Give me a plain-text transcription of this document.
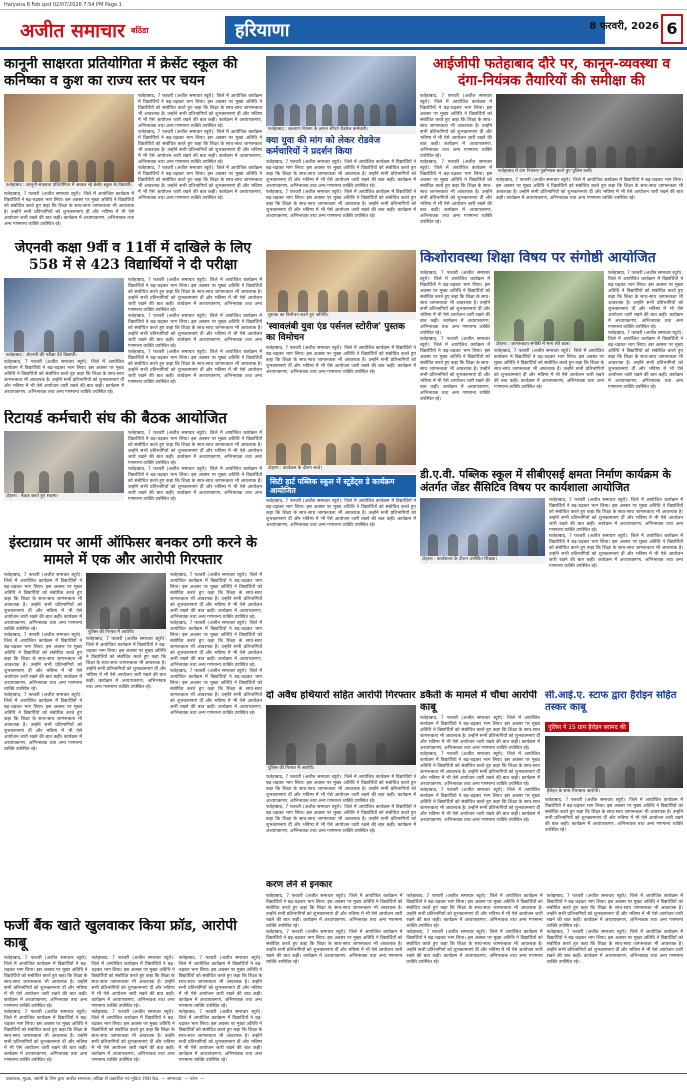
Haryana 8 Feb.qxd 02/07/2026 7:54 PM Page 1
अजीत समाचार बठिंडा	हरियाणा	8 फरवरी, 2026 6
कानूनी साक्षरता प्रतियोगिता में क्रेसेंट स्कूल की कनिष्का व कुश का राज्य स्तर पर चयन
फतेहाबाद : कानूनी साक्षरता प्रतियोगिता में अव्वल रहे क्रेसेंट स्कूल के विद्यार्थी।
फतेहाबाद, 7 फरवरी (अजीत समाचार ब्यूरो): जिले में आयोजित कार्यक्रम में विद्यार्थियों ने बढ़-चढ़कर भाग लिया। इस अवसर पर मुख्य अतिथि ने विद्यार्थियों को संबोधित करते हुए कहा कि शिक्षा के साथ-साथ जागरूकता भी आवश्यक है। उन्होंने सभी प्रतिभागियों को शुभकामनाएं दीं और भविष्य में भी ऐसे आयोजन जारी रखने की बात कही। कार्यक्रम में अध्यापकगण, अभिभावक तथा अन्य गणमान्य व्यक्ति उपस्थित रहे।
फतेहाबाद, 7 फरवरी (अजीत समाचार ब्यूरो): जिले में आयोजित कार्यक्रम में विद्यार्थियों ने बढ़-चढ़कर भाग लिया। इस अवसर पर मुख्य अतिथि ने विद्यार्थियों को संबोधित करते हुए कहा कि शिक्षा के साथ-साथ जागरूकता भी आवश्यक है। उन्होंने सभी प्रतिभागियों को शुभकामनाएं दीं और भविष्य में भी ऐसे आयोजन जारी रखने की बात कही। कार्यक्रम में अध्यापकगण, अभिभावक तथा अन्य गणमान्य व्यक्ति उपस्थित रहे।
फतेहाबाद, 7 फरवरी (अजीत समाचार ब्यूरो): जिले में आयोजित कार्यक्रम में विद्यार्थियों ने बढ़-चढ़कर भाग लिया। इस अवसर पर मुख्य अतिथि ने विद्यार्थियों को संबोधित करते हुए कहा कि शिक्षा के साथ-साथ जागरूकता भी आवश्यक है। उन्होंने सभी प्रतिभागियों को शुभकामनाएं दीं और भविष्य में भी ऐसे आयोजन जारी रखने की बात कही। कार्यक्रम में अध्यापकगण, अभिभावक तथा अन्य गणमान्य व्यक्ति उपस्थित रहे।
फतेहाबाद, 7 फरवरी (अजीत समाचार ब्यूरो): जिले में आयोजित कार्यक्रम में विद्यार्थियों ने बढ़-चढ़कर भाग लिया। इस अवसर पर मुख्य अतिथि ने विद्यार्थियों को संबोधित करते हुए कहा कि शिक्षा के साथ-साथ जागरूकता भी आवश्यक है। उन्होंने सभी प्रतिभागियों को शुभकामनाएं दीं और भविष्य में भी ऐसे आयोजन जारी रखने की बात कही। कार्यक्रम में अध्यापकगण, अभिभावक तथा अन्य गणमान्य व्यक्ति उपस्थित रहे।
फतेहाबाद : कल्याण विभाग के ज्ञापन सौंपते रोडवेज कर्मचारी।
क्या युवा की मांग को लेकर रोडवेज कर्मचारियों ने प्रदर्शन किया
फतेहाबाद, 7 फरवरी (अजीत समाचार ब्यूरो): जिले में आयोजित कार्यक्रम में विद्यार्थियों ने बढ़-चढ़कर भाग लिया। इस अवसर पर मुख्य अतिथि ने विद्यार्थियों को संबोधित करते हुए कहा कि शिक्षा के साथ-साथ जागरूकता भी आवश्यक है। उन्होंने सभी प्रतिभागियों को शुभकामनाएं दीं और भविष्य में भी ऐसे आयोजन जारी रखने की बात कही। कार्यक्रम में अध्यापकगण, अभिभावक तथा अन्य गणमान्य व्यक्ति उपस्थित रहे।
फतेहाबाद, 7 फरवरी (अजीत समाचार ब्यूरो): जिले में आयोजित कार्यक्रम में विद्यार्थियों ने बढ़-चढ़कर भाग लिया। इस अवसर पर मुख्य अतिथि ने विद्यार्थियों को संबोधित करते हुए कहा कि शिक्षा के साथ-साथ जागरूकता भी आवश्यक है। उन्होंने सभी प्रतिभागियों को शुभकामनाएं दीं और भविष्य में भी ऐसे आयोजन जारी रखने की बात कही। कार्यक्रम में अध्यापकगण, अभिभावक तथा अन्य गणमान्य व्यक्ति उपस्थित रहे।
आईजीपी फतेहाबाद दौरे पर, कानून-व्यवस्था व दंगा-नियंत्रक तैयारियों की समीक्षा की
फतेहाबाद, 7 फरवरी (अजीत समाचार ब्यूरो): जिले में आयोजित कार्यक्रम में विद्यार्थियों ने बढ़-चढ़कर भाग लिया। इस अवसर पर मुख्य अतिथि ने विद्यार्थियों को संबोधित करते हुए कहा कि शिक्षा के साथ-साथ जागरूकता भी आवश्यक है। उन्होंने सभी प्रतिभागियों को शुभकामनाएं दीं और भविष्य में भी ऐसे आयोजन जारी रखने की बात कही। कार्यक्रम में अध्यापकगण, अभिभावक तथा अन्य गणमान्य व्यक्ति उपस्थित रहे।
फतेहाबाद, 7 फरवरी (अजीत समाचार ब्यूरो): जिले में आयोजित कार्यक्रम में विद्यार्थियों ने बढ़-चढ़कर भाग लिया। इस अवसर पर मुख्य अतिथि ने विद्यार्थियों को संबोधित करते हुए कहा कि शिक्षा के साथ-साथ जागरूकता भी आवश्यक है। उन्होंने सभी प्रतिभागियों को शुभकामनाएं दीं और भविष्य में भी ऐसे आयोजन जारी रखने की बात कही। कार्यक्रम में अध्यापकगण, अभिभावक तथा अन्य गणमान्य व्यक्ति उपस्थित रहे।
फतेहाबाद में दंगा नियंत्रण पूर्वाभ्यास करते हुए पुलिस कर्मी।
फतेहाबाद, 7 फरवरी (अजीत समाचार ब्यूरो): जिले में आयोजित कार्यक्रम में विद्यार्थियों ने बढ़-चढ़कर भाग लिया। इस अवसर पर मुख्य अतिथि ने विद्यार्थियों को संबोधित करते हुए कहा कि शिक्षा के साथ-साथ जागरूकता भी आवश्यक है। उन्होंने सभी प्रतिभागियों को शुभकामनाएं दीं और भविष्य में भी ऐसे आयोजन जारी रखने की बात कही। कार्यक्रम में अध्यापकगण, अभिभावक तथा अन्य गणमान्य व्यक्ति उपस्थित रहे।
जेएनवी कक्षा 9वीं व 11वीं में दाखिले के लिए 558 में से 423 विद्यार्थियों ने दी परीक्षा
फतेहाबाद : जेएनवी की परीक्षा देते विद्यार्थी।
फतेहाबाद, 7 फरवरी (अजीत समाचार ब्यूरो): जिले में आयोजित कार्यक्रम में विद्यार्थियों ने बढ़-चढ़कर भाग लिया। इस अवसर पर मुख्य अतिथि ने विद्यार्थियों को संबोधित करते हुए कहा कि शिक्षा के साथ-साथ जागरूकता भी आवश्यक है। उन्होंने सभी प्रतिभागियों को शुभकामनाएं दीं और भविष्य में भी ऐसे आयोजन जारी रखने की बात कही। कार्यक्रम में अध्यापकगण, अभिभावक तथा अन्य गणमान्य व्यक्ति उपस्थित रहे।
फतेहाबाद, 7 फरवरी (अजीत समाचार ब्यूरो): जिले में आयोजित कार्यक्रम में विद्यार्थियों ने बढ़-चढ़कर भाग लिया। इस अवसर पर मुख्य अतिथि ने विद्यार्थियों को संबोधित करते हुए कहा कि शिक्षा के साथ-साथ जागरूकता भी आवश्यक है। उन्होंने सभी प्रतिभागियों को शुभकामनाएं दीं और भविष्य में भी ऐसे आयोजन जारी रखने की बात कही। कार्यक्रम में अध्यापकगण, अभिभावक तथा अन्य गणमान्य व्यक्ति उपस्थित रहे।
फतेहाबाद, 7 फरवरी (अजीत समाचार ब्यूरो): जिले में आयोजित कार्यक्रम में विद्यार्थियों ने बढ़-चढ़कर भाग लिया। इस अवसर पर मुख्य अतिथि ने विद्यार्थियों को संबोधित करते हुए कहा कि शिक्षा के साथ-साथ जागरूकता भी आवश्यक है। उन्होंने सभी प्रतिभागियों को शुभकामनाएं दीं और भविष्य में भी ऐसे आयोजन जारी रखने की बात कही। कार्यक्रम में अध्यापकगण, अभिभावक तथा अन्य गणमान्य व्यक्ति उपस्थित रहे।
फतेहाबाद, 7 फरवरी (अजीत समाचार ब्यूरो): जिले में आयोजित कार्यक्रम में विद्यार्थियों ने बढ़-चढ़कर भाग लिया। इस अवसर पर मुख्य अतिथि ने विद्यार्थियों को संबोधित करते हुए कहा कि शिक्षा के साथ-साथ जागरूकता भी आवश्यक है। उन्होंने सभी प्रतिभागियों को शुभकामनाएं दीं और भविष्य में भी ऐसे आयोजन जारी रखने की बात कही। कार्यक्रम में अध्यापकगण, अभिभावक तथा अन्य गणमान्य व्यक्ति उपस्थित रहे।
पुस्तक का विमोचन करते हुए अतिथि।
'स्वावलंबी युवा एंड पर्सनल स्टोरीज' पुस्तक का विमोचन
फतेहाबाद, 7 फरवरी (अजीत समाचार ब्यूरो): जिले में आयोजित कार्यक्रम में विद्यार्थियों ने बढ़-चढ़कर भाग लिया। इस अवसर पर मुख्य अतिथि ने विद्यार्थियों को संबोधित करते हुए कहा कि शिक्षा के साथ-साथ जागरूकता भी आवश्यक है। उन्होंने सभी प्रतिभागियों को शुभकामनाएं दीं और भविष्य में भी ऐसे आयोजन जारी रखने की बात कही। कार्यक्रम में अध्यापकगण, अभिभावक तथा अन्य गणमान्य व्यक्ति उपस्थित रहे।
किशोरावस्था शिक्षा विषय पर संगोष्ठी आयोजित
फतेहाबाद, 7 फरवरी (अजीत समाचार ब्यूरो): जिले में आयोजित कार्यक्रम में विद्यार्थियों ने बढ़-चढ़कर भाग लिया। इस अवसर पर मुख्य अतिथि ने विद्यार्थियों को संबोधित करते हुए कहा कि शिक्षा के साथ-साथ जागरूकता भी आवश्यक है। उन्होंने सभी प्रतिभागियों को शुभकामनाएं दीं और भविष्य में भी ऐसे आयोजन जारी रखने की बात कही। कार्यक्रम में अध्यापकगण, अभिभावक तथा अन्य गणमान्य व्यक्ति उपस्थित रहे।
फतेहाबाद, 7 फरवरी (अजीत समाचार ब्यूरो): जिले में आयोजित कार्यक्रम में विद्यार्थियों ने बढ़-चढ़कर भाग लिया। इस अवसर पर मुख्य अतिथि ने विद्यार्थियों को संबोधित करते हुए कहा कि शिक्षा के साथ-साथ जागरूकता भी आवश्यक है। उन्होंने सभी प्रतिभागियों को शुभकामनाएं दीं और भविष्य में भी ऐसे आयोजन जारी रखने की बात कही। कार्यक्रम में अध्यापकगण, अभिभावक तथा अन्य गणमान्य व्यक्ति उपस्थित रहे।
टोहाना : जागरूकता संगोष्ठी में भाग लेते छात्र।
फतेहाबाद, 7 फरवरी (अजीत समाचार ब्यूरो): जिले में आयोजित कार्यक्रम में विद्यार्थियों ने बढ़-चढ़कर भाग लिया। इस अवसर पर मुख्य अतिथि ने विद्यार्थियों को संबोधित करते हुए कहा कि शिक्षा के साथ-साथ जागरूकता भी आवश्यक है। उन्होंने सभी प्रतिभागियों को शुभकामनाएं दीं और भविष्य में भी ऐसे आयोजन जारी रखने की बात कही। कार्यक्रम में अध्यापकगण, अभिभावक तथा अन्य गणमान्य व्यक्ति उपस्थित रहे।
फतेहाबाद, 7 फरवरी (अजीत समाचार ब्यूरो): जिले में आयोजित कार्यक्रम में विद्यार्थियों ने बढ़-चढ़कर भाग लिया। इस अवसर पर मुख्य अतिथि ने विद्यार्थियों को संबोधित करते हुए कहा कि शिक्षा के साथ-साथ जागरूकता भी आवश्यक है। उन्होंने सभी प्रतिभागियों को शुभकामनाएं दीं और भविष्य में भी ऐसे आयोजन जारी रखने की बात कही। कार्यक्रम में अध्यापकगण, अभिभावक तथा अन्य गणमान्य व्यक्ति उपस्थित रहे।
फतेहाबाद, 7 फरवरी (अजीत समाचार ब्यूरो): जिले में आयोजित कार्यक्रम में विद्यार्थियों ने बढ़-चढ़कर भाग लिया। इस अवसर पर मुख्य अतिथि ने विद्यार्थियों को संबोधित करते हुए कहा कि शिक्षा के साथ-साथ जागरूकता भी आवश्यक है। उन्होंने सभी प्रतिभागियों को शुभकामनाएं दीं और भविष्य में भी ऐसे आयोजन जारी रखने की बात कही। कार्यक्रम में अध्यापकगण, अभिभावक तथा अन्य गणमान्य व्यक्ति उपस्थित रहे।
रिटायर्ड कर्मचारी संघ की बैठक आयोजित
टोहाना : बैठक करते हुए सदस्य।
फतेहाबाद, 7 फरवरी (अजीत समाचार ब्यूरो): जिले में आयोजित कार्यक्रम में विद्यार्थियों ने बढ़-चढ़कर भाग लिया। इस अवसर पर मुख्य अतिथि ने विद्यार्थियों को संबोधित करते हुए कहा कि शिक्षा के साथ-साथ जागरूकता भी आवश्यक है। उन्होंने सभी प्रतिभागियों को शुभकामनाएं दीं और भविष्य में भी ऐसे आयोजन जारी रखने की बात कही। कार्यक्रम में अध्यापकगण, अभिभावक तथा अन्य गणमान्य व्यक्ति उपस्थित रहे।
फतेहाबाद, 7 फरवरी (अजीत समाचार ब्यूरो): जिले में आयोजित कार्यक्रम में विद्यार्थियों ने बढ़-चढ़कर भाग लिया। इस अवसर पर मुख्य अतिथि ने विद्यार्थियों को संबोधित करते हुए कहा कि शिक्षा के साथ-साथ जागरूकता भी आवश्यक है। उन्होंने सभी प्रतिभागियों को शुभकामनाएं दीं और भविष्य में भी ऐसे आयोजन जारी रखने की बात कही। कार्यक्रम में अध्यापकगण, अभिभावक तथा अन्य गणमान्य व्यक्ति उपस्थित रहे।
टोहाना : कार्यक्रम के दौरान बच्चे।
सिटी हार्ट पब्लिक स्कूल में स्टूडेंट्स डे कार्यक्रम आयोजित
फतेहाबाद, 7 फरवरी (अजीत समाचार ब्यूरो): जिले में आयोजित कार्यक्रम में विद्यार्थियों ने बढ़-चढ़कर भाग लिया। इस अवसर पर मुख्य अतिथि ने विद्यार्थियों को संबोधित करते हुए कहा कि शिक्षा के साथ-साथ जागरूकता भी आवश्यक है। उन्होंने सभी प्रतिभागियों को शुभकामनाएं दीं और भविष्य में भी ऐसे आयोजन जारी रखने की बात कही। कार्यक्रम में अध्यापकगण, अभिभावक तथा अन्य गणमान्य व्यक्ति उपस्थित रहे।
डी.ए.वी. पब्लिक स्कूल में सीबीएसई क्षमता निर्माण कार्यक्रम के अंतर्गत जेंडर सैंसिटिव विषय पर कार्यशाला आयोजित
टोहाना : कार्यशाला के दौरान उपस्थित शिक्षक।
फतेहाबाद, 7 फरवरी (अजीत समाचार ब्यूरो): जिले में आयोजित कार्यक्रम में विद्यार्थियों ने बढ़-चढ़कर भाग लिया। इस अवसर पर मुख्य अतिथि ने विद्यार्थियों को संबोधित करते हुए कहा कि शिक्षा के साथ-साथ जागरूकता भी आवश्यक है। उन्होंने सभी प्रतिभागियों को शुभकामनाएं दीं और भविष्य में भी ऐसे आयोजन जारी रखने की बात कही। कार्यक्रम में अध्यापकगण, अभिभावक तथा अन्य गणमान्य व्यक्ति उपस्थित रहे।
फतेहाबाद, 7 फरवरी (अजीत समाचार ब्यूरो): जिले में आयोजित कार्यक्रम में विद्यार्थियों ने बढ़-चढ़कर भाग लिया। इस अवसर पर मुख्य अतिथि ने विद्यार्थियों को संबोधित करते हुए कहा कि शिक्षा के साथ-साथ जागरूकता भी आवश्यक है। उन्होंने सभी प्रतिभागियों को शुभकामनाएं दीं और भविष्य में भी ऐसे आयोजन जारी रखने की बात कही। कार्यक्रम में अध्यापकगण, अभिभावक तथा अन्य गणमान्य व्यक्ति उपस्थित रहे।
इंस्टाग्राम पर आर्मी ऑफिसर बनकर ठगी करने के मामले में एक और आरोपी गिरफ्तार
फतेहाबाद, 7 फरवरी (अजीत समाचार ब्यूरो): जिले में आयोजित कार्यक्रम में विद्यार्थियों ने बढ़-चढ़कर भाग लिया। इस अवसर पर मुख्य अतिथि ने विद्यार्थियों को संबोधित करते हुए कहा कि शिक्षा के साथ-साथ जागरूकता भी आवश्यक है। उन्होंने सभी प्रतिभागियों को शुभकामनाएं दीं और भविष्य में भी ऐसे आयोजन जारी रखने की बात कही। कार्यक्रम में अध्यापकगण, अभिभावक तथा अन्य गणमान्य व्यक्ति उपस्थित रहे।
फतेहाबाद, 7 फरवरी (अजीत समाचार ब्यूरो): जिले में आयोजित कार्यक्रम में विद्यार्थियों ने बढ़-चढ़कर भाग लिया। इस अवसर पर मुख्य अतिथि ने विद्यार्थियों को संबोधित करते हुए कहा कि शिक्षा के साथ-साथ जागरूकता भी आवश्यक है। उन्होंने सभी प्रतिभागियों को शुभकामनाएं दीं और भविष्य में भी ऐसे आयोजन जारी रखने की बात कही। कार्यक्रम में अध्यापकगण, अभिभावक तथा अन्य गणमान्य व्यक्ति उपस्थित रहे।
फतेहाबाद, 7 फरवरी (अजीत समाचार ब्यूरो): जिले में आयोजित कार्यक्रम में विद्यार्थियों ने बढ़-चढ़कर भाग लिया। इस अवसर पर मुख्य अतिथि ने विद्यार्थियों को संबोधित करते हुए कहा कि शिक्षा के साथ-साथ जागरूकता भी आवश्यक है। उन्होंने सभी प्रतिभागियों को शुभकामनाएं दीं और भविष्य में भी ऐसे आयोजन जारी रखने की बात कही। कार्यक्रम में अध्यापकगण, अभिभावक तथा अन्य गणमान्य व्यक्ति उपस्थित रहे।
पुलिस की गिरफ्त में आरोपी।
फतेहाबाद, 7 फरवरी (अजीत समाचार ब्यूरो): जिले में आयोजित कार्यक्रम में विद्यार्थियों ने बढ़-चढ़कर भाग लिया। इस अवसर पर मुख्य अतिथि ने विद्यार्थियों को संबोधित करते हुए कहा कि शिक्षा के साथ-साथ जागरूकता भी आवश्यक है। उन्होंने सभी प्रतिभागियों को शुभकामनाएं दीं और भविष्य में भी ऐसे आयोजन जारी रखने की बात कही। कार्यक्रम में अध्यापकगण, अभिभावक तथा अन्य गणमान्य व्यक्ति उपस्थित रहे।
फतेहाबाद, 7 फरवरी (अजीत समाचार ब्यूरो): जिले में आयोजित कार्यक्रम में विद्यार्थियों ने बढ़-चढ़कर भाग लिया। इस अवसर पर मुख्य अतिथि ने विद्यार्थियों को संबोधित करते हुए कहा कि शिक्षा के साथ-साथ जागरूकता भी आवश्यक है। उन्होंने सभी प्रतिभागियों को शुभकामनाएं दीं और भविष्य में भी ऐसे आयोजन जारी रखने की बात कही। कार्यक्रम में अध्यापकगण, अभिभावक तथा अन्य गणमान्य व्यक्ति उपस्थित रहे।
फतेहाबाद, 7 फरवरी (अजीत समाचार ब्यूरो): जिले में आयोजित कार्यक्रम में विद्यार्थियों ने बढ़-चढ़कर भाग लिया। इस अवसर पर मुख्य अतिथि ने विद्यार्थियों को संबोधित करते हुए कहा कि शिक्षा के साथ-साथ जागरूकता भी आवश्यक है। उन्होंने सभी प्रतिभागियों को शुभकामनाएं दीं और भविष्य में भी ऐसे आयोजन जारी रखने की बात कही। कार्यक्रम में अध्यापकगण, अभिभावक तथा अन्य गणमान्य व्यक्ति उपस्थित रहे।
फतेहाबाद, 7 फरवरी (अजीत समाचार ब्यूरो): जिले में आयोजित कार्यक्रम में विद्यार्थियों ने बढ़-चढ़कर भाग लिया। इस अवसर पर मुख्य अतिथि ने विद्यार्थियों को संबोधित करते हुए कहा कि शिक्षा के साथ-साथ जागरूकता भी आवश्यक है। उन्होंने सभी प्रतिभागियों को शुभकामनाएं दीं और भविष्य में भी ऐसे आयोजन जारी रखने की बात कही। कार्यक्रम में अध्यापकगण, अभिभावक तथा अन्य गणमान्य व्यक्ति उपस्थित रहे।
दो अवैध हथियारों सहित आरोपी गिरफ्तार
पुलिस की गिरफ्त में आरोपी।
फतेहाबाद, 7 फरवरी (अजीत समाचार ब्यूरो): जिले में आयोजित कार्यक्रम में विद्यार्थियों ने बढ़-चढ़कर भाग लिया। इस अवसर पर मुख्य अतिथि ने विद्यार्थियों को संबोधित करते हुए कहा कि शिक्षा के साथ-साथ जागरूकता भी आवश्यक है। उन्होंने सभी प्रतिभागियों को शुभकामनाएं दीं और भविष्य में भी ऐसे आयोजन जारी रखने की बात कही। कार्यक्रम में अध्यापकगण, अभिभावक तथा अन्य गणमान्य व्यक्ति उपस्थित रहे।
फतेहाबाद, 7 फरवरी (अजीत समाचार ब्यूरो): जिले में आयोजित कार्यक्रम में विद्यार्थियों ने बढ़-चढ़कर भाग लिया। इस अवसर पर मुख्य अतिथि ने विद्यार्थियों को संबोधित करते हुए कहा कि शिक्षा के साथ-साथ जागरूकता भी आवश्यक है। उन्होंने सभी प्रतिभागियों को शुभकामनाएं दीं और भविष्य में भी ऐसे आयोजन जारी रखने की बात कही। कार्यक्रम में अध्यापकगण, अभिभावक तथा अन्य गणमान्य व्यक्ति उपस्थित रहे।
डकैती के मामले में चौथा आरोपी काबू
फतेहाबाद, 7 फरवरी (अजीत समाचार ब्यूरो): जिले में आयोजित कार्यक्रम में विद्यार्थियों ने बढ़-चढ़कर भाग लिया। इस अवसर पर मुख्य अतिथि ने विद्यार्थियों को संबोधित करते हुए कहा कि शिक्षा के साथ-साथ जागरूकता भी आवश्यक है। उन्होंने सभी प्रतिभागियों को शुभकामनाएं दीं और भविष्य में भी ऐसे आयोजन जारी रखने की बात कही। कार्यक्रम में अध्यापकगण, अभिभावक तथा अन्य गणमान्य व्यक्ति उपस्थित रहे।
फतेहाबाद, 7 फरवरी (अजीत समाचार ब्यूरो): जिले में आयोजित कार्यक्रम में विद्यार्थियों ने बढ़-चढ़कर भाग लिया। इस अवसर पर मुख्य अतिथि ने विद्यार्थियों को संबोधित करते हुए कहा कि शिक्षा के साथ-साथ जागरूकता भी आवश्यक है। उन्होंने सभी प्रतिभागियों को शुभकामनाएं दीं और भविष्य में भी ऐसे आयोजन जारी रखने की बात कही। कार्यक्रम में अध्यापकगण, अभिभावक तथा अन्य गणमान्य व्यक्ति उपस्थित रहे।
फतेहाबाद, 7 फरवरी (अजीत समाचार ब्यूरो): जिले में आयोजित कार्यक्रम में विद्यार्थियों ने बढ़-चढ़कर भाग लिया। इस अवसर पर मुख्य अतिथि ने विद्यार्थियों को संबोधित करते हुए कहा कि शिक्षा के साथ-साथ जागरूकता भी आवश्यक है। उन्होंने सभी प्रतिभागियों को शुभकामनाएं दीं और भविष्य में भी ऐसे आयोजन जारी रखने की बात कही। कार्यक्रम में अध्यापकगण, अभिभावक तथा अन्य गणमान्य व्यक्ति उपस्थित रहे।
सी.आई.ए. स्टाफ द्वारा हैरोइन सहित तस्कर काबू
पुलिस ने 15 ग्राम हैरोइन बरामद की
हैरोइन के साथ गिरफ्तार आरोपी।
फतेहाबाद, 7 फरवरी (अजीत समाचार ब्यूरो): जिले में आयोजित कार्यक्रम में विद्यार्थियों ने बढ़-चढ़कर भाग लिया। इस अवसर पर मुख्य अतिथि ने विद्यार्थियों को संबोधित करते हुए कहा कि शिक्षा के साथ-साथ जागरूकता भी आवश्यक है। उन्होंने सभी प्रतिभागियों को शुभकामनाएं दीं और भविष्य में भी ऐसे आयोजन जारी रखने की बात कही। कार्यक्रम में अध्यापकगण, अभिभावक तथा अन्य गणमान्य व्यक्ति उपस्थित रहे।
फर्जी बैंक खाते खुलवाकर किया फ्रॉड, आरोपी काबू
फतेहाबाद, 7 फरवरी (अजीत समाचार ब्यूरो): जिले में आयोजित कार्यक्रम में विद्यार्थियों ने बढ़-चढ़कर भाग लिया। इस अवसर पर मुख्य अतिथि ने विद्यार्थियों को संबोधित करते हुए कहा कि शिक्षा के साथ-साथ जागरूकता भी आवश्यक है। उन्होंने सभी प्रतिभागियों को शुभकामनाएं दीं और भविष्य में भी ऐसे आयोजन जारी रखने की बात कही। कार्यक्रम में अध्यापकगण, अभिभावक तथा अन्य गणमान्य व्यक्ति उपस्थित रहे।
फतेहाबाद, 7 फरवरी (अजीत समाचार ब्यूरो): जिले में आयोजित कार्यक्रम में विद्यार्थियों ने बढ़-चढ़कर भाग लिया। इस अवसर पर मुख्य अतिथि ने विद्यार्थियों को संबोधित करते हुए कहा कि शिक्षा के साथ-साथ जागरूकता भी आवश्यक है। उन्होंने सभी प्रतिभागियों को शुभकामनाएं दीं और भविष्य में भी ऐसे आयोजन जारी रखने की बात कही। कार्यक्रम में अध्यापकगण, अभिभावक तथा अन्य गणमान्य व्यक्ति उपस्थित रहे।
फतेहाबाद, 7 फरवरी (अजीत समाचार ब्यूरो): जिले में आयोजित कार्यक्रम में विद्यार्थियों ने बढ़-चढ़कर भाग लिया। इस अवसर पर मुख्य अतिथि ने विद्यार्थियों को संबोधित करते हुए कहा कि शिक्षा के साथ-साथ जागरूकता भी आवश्यक है। उन्होंने सभी प्रतिभागियों को शुभकामनाएं दीं और भविष्य में भी ऐसे आयोजन जारी रखने की बात कही। कार्यक्रम में अध्यापकगण, अभिभावक तथा अन्य गणमान्य व्यक्ति उपस्थित रहे।
फतेहाबाद, 7 फरवरी (अजीत समाचार ब्यूरो): जिले में आयोजित कार्यक्रम में विद्यार्थियों ने बढ़-चढ़कर भाग लिया। इस अवसर पर मुख्य अतिथि ने विद्यार्थियों को संबोधित करते हुए कहा कि शिक्षा के साथ-साथ जागरूकता भी आवश्यक है। उन्होंने सभी प्रतिभागियों को शुभकामनाएं दीं और भविष्य में भी ऐसे आयोजन जारी रखने की बात कही। कार्यक्रम में अध्यापकगण, अभिभावक तथा अन्य गणमान्य व्यक्ति उपस्थित रहे।
फतेहाबाद, 7 फरवरी (अजीत समाचार ब्यूरो): जिले में आयोजित कार्यक्रम में विद्यार्थियों ने बढ़-चढ़कर भाग लिया। इस अवसर पर मुख्य अतिथि ने विद्यार्थियों को संबोधित करते हुए कहा कि शिक्षा के साथ-साथ जागरूकता भी आवश्यक है। उन्होंने सभी प्रतिभागियों को शुभकामनाएं दीं और भविष्य में भी ऐसे आयोजन जारी रखने की बात कही। कार्यक्रम में अध्यापकगण, अभिभावक तथा अन्य गणमान्य व्यक्ति उपस्थित रहे।
फतेहाबाद, 7 फरवरी (अजीत समाचार ब्यूरो): जिले में आयोजित कार्यक्रम में विद्यार्थियों ने बढ़-चढ़कर भाग लिया। इस अवसर पर मुख्य अतिथि ने विद्यार्थियों को संबोधित करते हुए कहा कि शिक्षा के साथ-साथ जागरूकता भी आवश्यक है। उन्होंने सभी प्रतिभागियों को शुभकामनाएं दीं और भविष्य में भी ऐसे आयोजन जारी रखने की बात कही। कार्यक्रम में अध्यापकगण, अभिभावक तथा अन्य गणमान्य व्यक्ति उपस्थित रहे।
करण लेने से इनकार
फतेहाबाद, 7 फरवरी (अजीत समाचार ब्यूरो): जिले में आयोजित कार्यक्रम में विद्यार्थियों ने बढ़-चढ़कर भाग लिया। इस अवसर पर मुख्य अतिथि ने विद्यार्थियों को संबोधित करते हुए कहा कि शिक्षा के साथ-साथ जागरूकता भी आवश्यक है। उन्होंने सभी प्रतिभागियों को शुभकामनाएं दीं और भविष्य में भी ऐसे आयोजन जारी रखने की बात कही। कार्यक्रम में अध्यापकगण, अभिभावक तथा अन्य गणमान्य व्यक्ति उपस्थित रहे।
फतेहाबाद, 7 फरवरी (अजीत समाचार ब्यूरो): जिले में आयोजित कार्यक्रम में विद्यार्थियों ने बढ़-चढ़कर भाग लिया। इस अवसर पर मुख्य अतिथि ने विद्यार्थियों को संबोधित करते हुए कहा कि शिक्षा के साथ-साथ जागरूकता भी आवश्यक है। उन्होंने सभी प्रतिभागियों को शुभकामनाएं दीं और भविष्य में भी ऐसे आयोजन जारी रखने की बात कही। कार्यक्रम में अध्यापकगण, अभिभावक तथा अन्य गणमान्य व्यक्ति उपस्थित रहे।
फतेहाबाद, 7 फरवरी (अजीत समाचार ब्यूरो): जिले में आयोजित कार्यक्रम में विद्यार्थियों ने बढ़-चढ़कर भाग लिया। इस अवसर पर मुख्य अतिथि ने विद्यार्थियों को संबोधित करते हुए कहा कि शिक्षा के साथ-साथ जागरूकता भी आवश्यक है। उन्होंने सभी प्रतिभागियों को शुभकामनाएं दीं और भविष्य में भी ऐसे आयोजन जारी रखने की बात कही। कार्यक्रम में अध्यापकगण, अभिभावक तथा अन्य गणमान्य व्यक्ति उपस्थित रहे।
फतेहाबाद, 7 फरवरी (अजीत समाचार ब्यूरो): जिले में आयोजित कार्यक्रम में विद्यार्थियों ने बढ़-चढ़कर भाग लिया। इस अवसर पर मुख्य अतिथि ने विद्यार्थियों को संबोधित करते हुए कहा कि शिक्षा के साथ-साथ जागरूकता भी आवश्यक है। उन्होंने सभी प्रतिभागियों को शुभकामनाएं दीं और भविष्य में भी ऐसे आयोजन जारी रखने की बात कही। कार्यक्रम में अध्यापकगण, अभिभावक तथा अन्य गणमान्य व्यक्ति उपस्थित रहे।
फतेहाबाद, 7 फरवरी (अजीत समाचार ब्यूरो): जिले में आयोजित कार्यक्रम में विद्यार्थियों ने बढ़-चढ़कर भाग लिया। इस अवसर पर मुख्य अतिथि ने विद्यार्थियों को संबोधित करते हुए कहा कि शिक्षा के साथ-साथ जागरूकता भी आवश्यक है। उन्होंने सभी प्रतिभागियों को शुभकामनाएं दीं और भविष्य में भी ऐसे आयोजन जारी रखने की बात कही। कार्यक्रम में अध्यापकगण, अभिभावक तथा अन्य गणमान्य व्यक्ति उपस्थित रहे।
फतेहाबाद, 7 फरवरी (अजीत समाचार ब्यूरो): जिले में आयोजित कार्यक्रम में विद्यार्थियों ने बढ़-चढ़कर भाग लिया। इस अवसर पर मुख्य अतिथि ने विद्यार्थियों को संबोधित करते हुए कहा कि शिक्षा के साथ-साथ जागरूकता भी आवश्यक है। उन्होंने सभी प्रतिभागियों को शुभकामनाएं दीं और भविष्य में भी ऐसे आयोजन जारी रखने की बात कही। कार्यक्रम में अध्यापकगण, अभिभावक तथा अन्य गणमान्य व्यक्ति उपस्थित रहे।
प्रकाशक, मुद्रक, स्वामी के लिए द्वारा अजीत समाचार, बठिंडा से प्रकाशित एवं मुद्रित। RNI No. — सम्पादक: — फोन: —
